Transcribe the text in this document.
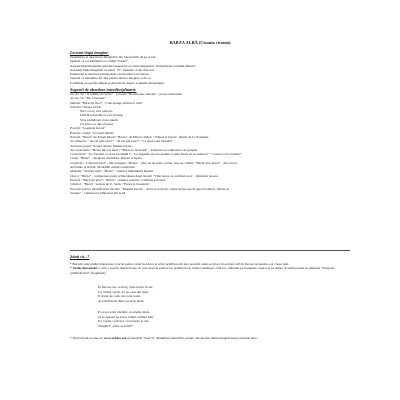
BARZA ALBĂ (Ciconia ciconia)
Lectură după imagini:
Denumirea și descrierea imaginilor din fotografiile de pe ecran.
Spuneți ce s-a întâmplat cu cuibul "barzei".
Așezați/lipiți imaginile aferente/respective pe tabla magnetică. Scrieți/lipiți cuvântul lămurit.
Includeți/lipiți imaginile cu barza "O". Spuneți ce ați observat.
Enumerați și descrieți principalele caracteristici ale barzei.
Spuneți ce denumire ați ales pentru fiecare imagine și de ce.
Formulați propoziții simple și dezvoltate despre acțiunile din imagini.
Sugestii de abordare interdisciplinară:
Joc de rol: "O familie de berze" - povești, "Recunoaște sunetul" - jocuri senzoriale
Joc de rol: "De-a berzele".
Ștafetă: "Barza în zbor", "Cine ajunge primul la cuib"
Ghicitori despre barză:
Nici cocoș, nici pelican,
Umblă prin bălți cu ciocul lung,
Vine primăvara să ne spună,
Că iarna s-a dus. (barza)
Povești: "Legenda berzei"
Poveste creată: "O barză rănită".
Povești: "Barza" de Panait Istrati; "Barza", de Mircea Vulpe; "Vulpea și barza", fabula de La Fontaine.
Joc didactic: "Al cui glas este?"; "Al cui pui este?"; "Ce spun oare berzele?"
Jurnalul grupei: Scrieri despre familia berzei.
Joc matematic: "Berze mici și mari"; "Berze la fereastră" - formarea și compararea de grupuri.
Convorbire: "Ce folosim ca să ne protejăm?"; "Ce sugestii ați avea pentru a ajuta barza să se vindece?"; "Cum pot fi ocrotite?"
Colaj: "Berze" - decupare din hârtie, îndoire și lipire.
Confecție: "Cuibul berzei" - din crenguțe; "Barza" - din con de brad, carton, bețe de chibrit; "Barză din carton" - din carton.
Activitate practică: Modelăm cuiburi artificiale.
Modelaj: "Ouă în cuib"; "Berze" - tehnica frământării lutului.
Desen: "Barza" - completarea unei schițe/desen după model; "Vine barza cu un fluier nou" - feluritele ușoare.
Pictură: "Barza în zbor"; "Berze" - tehnica picturii; activitate practică.
Cântece: "Barza", versuri de U. Seriu; "Barza și broaștele".
Excursii pentru identificarea locului: "Muzeul berzei" - dacă se poate în cadrul lecției sau în parcul natural, "Berze și
broaște" - vizitarea la adăpostul din zonă.
Știați că...?
* Berzele sunt păsări migratoare care își petrec iarna în Africa și revin primăvara în țara noastră, unde se întorc în același cuib în fiecare an pentru a-și crește puii.
* Vasile Alecsandri a scris o poezie despre berze, în care descrie sosirea lor primăvara în satele românești, cum fac cuiburile pe hornurile caselor și pe stâlpi. Această poezie se numește "Dragoste primăvăratică" (fragment):
În fiecare an, cu drag, vine barza în sat,
La cuibul vechi, de pe casa din deal,
E dorul de casă, de locul natal,
Al primăverii dulce și drag ideal.
Ea trece prin văzduh, cu aripile mari,
Și se-așează pe horn, lângă oameni bun,
Iar copiii o privesc cu bucurie și dor,
Strigând: „bine ai venit!”
* Dacă intrați pe site-ul: www.arkive.org și tastați în "Search" denumirea științifică, puteți viziona mai multe imagini despre berzele albe.
